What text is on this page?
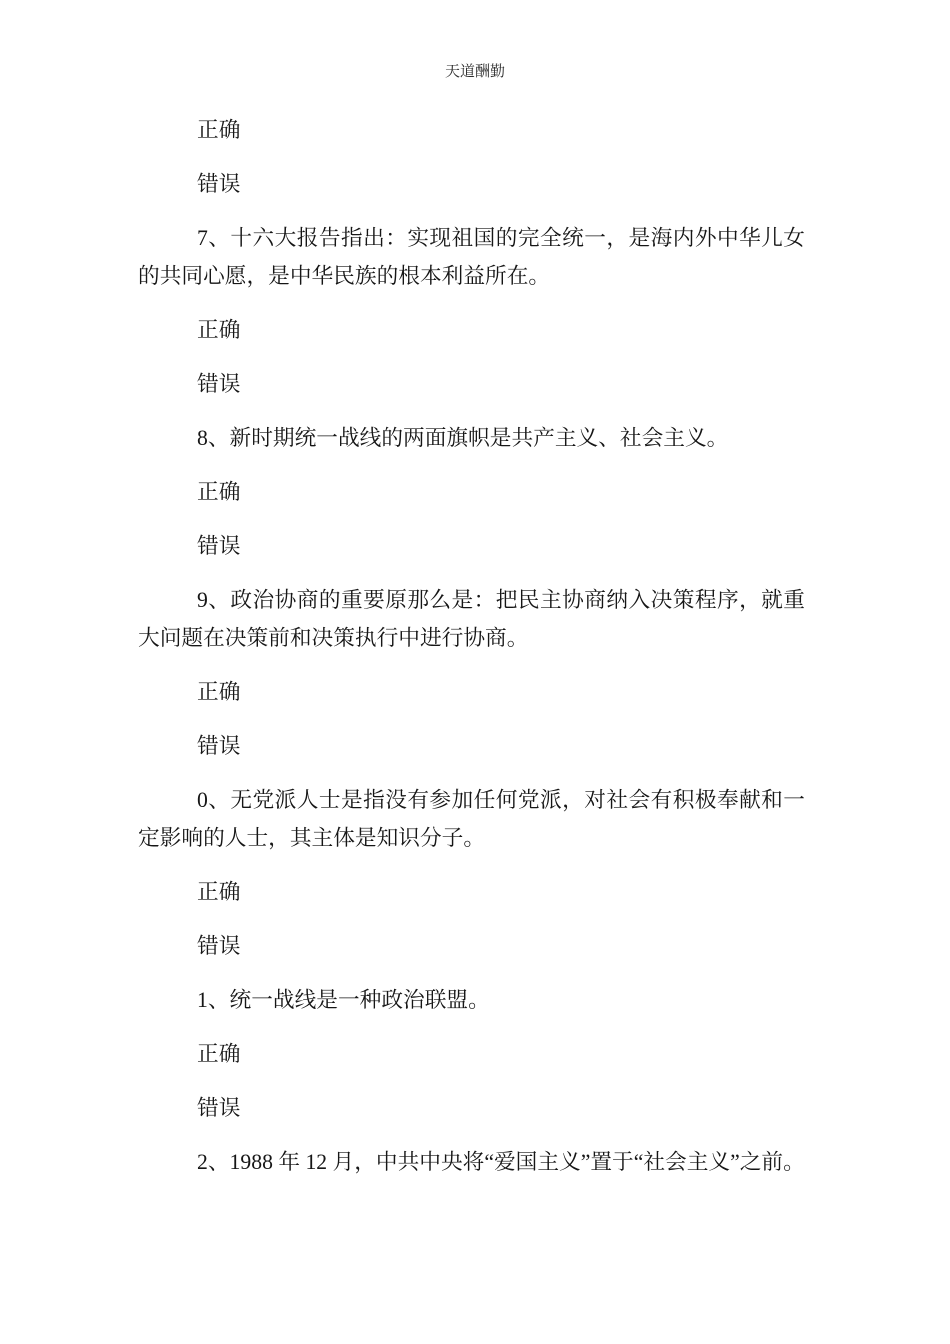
天道酬勤

正确

错误

7、十六大报告指出：实现祖国的完全统一，是海内外中华儿女的共同心愿，是中华民族的根本利益所在。

正确

错误

8、新时期统一战线的两面旗帜是共产主义、社会主义。

正确

错误

9、政治协商的重要原那么是：把民主协商纳入决策程序，就重大问题在决策前和决策执行中进行协商。

正确

错误

0、无党派人士是指没有参加任何党派，对社会有积极奉献和一定影响的人士，其主体是知识分子。

正确

错误

1、统一战线是一种政治联盟。

正确

错误

2、1988 年 12 月，中共中央将“爱国主义”置于“社会主义”之前。
